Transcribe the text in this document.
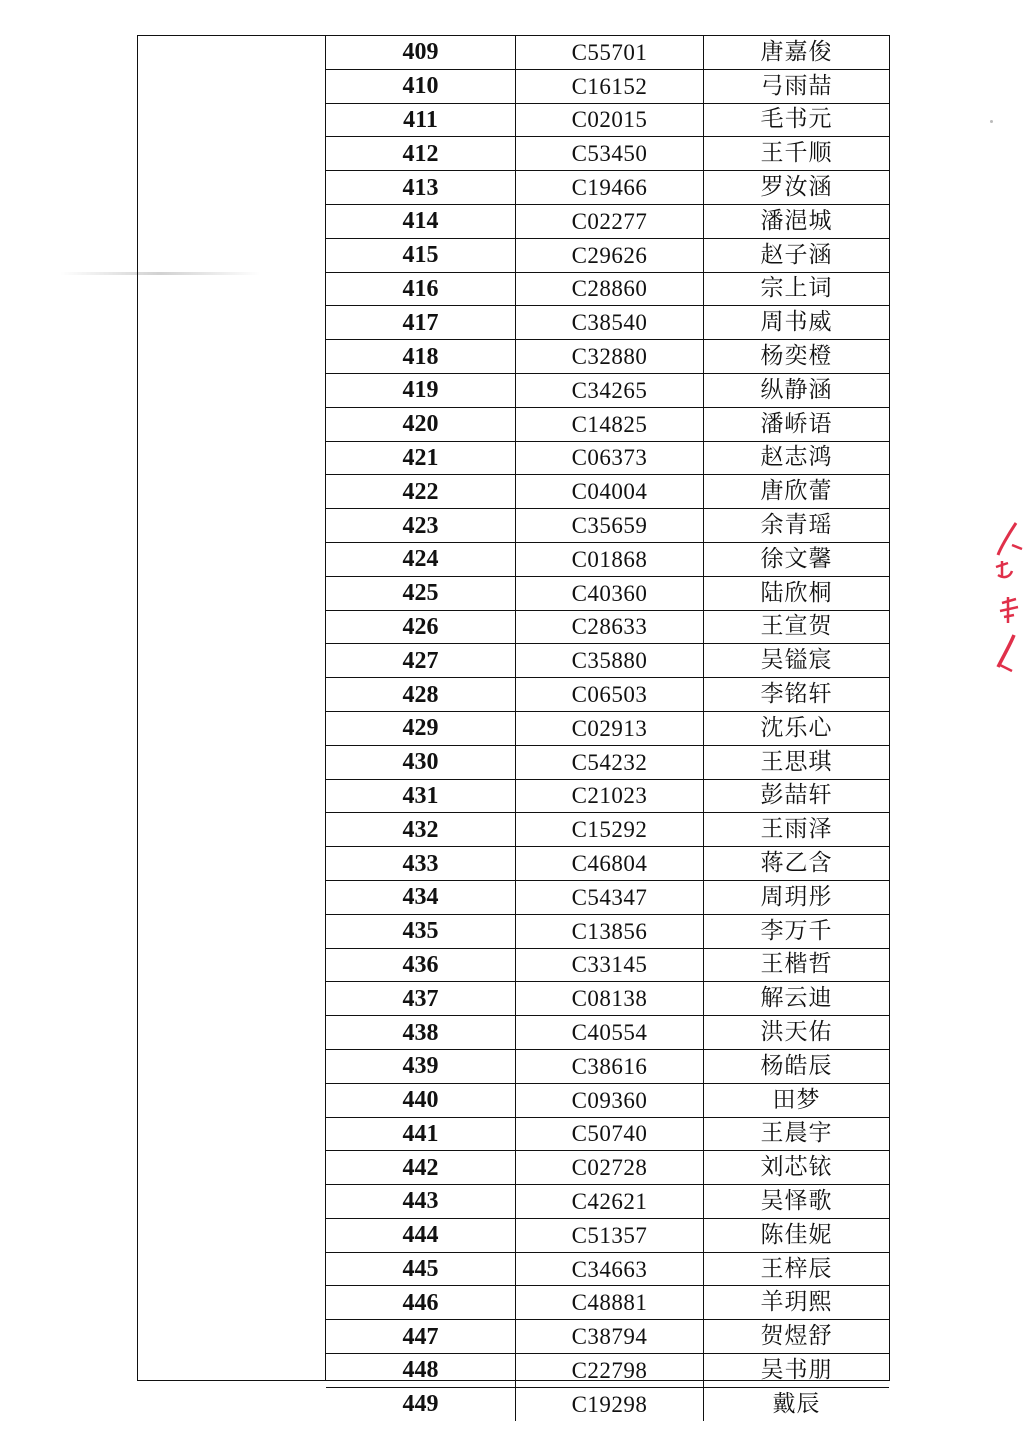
409	C55701	唐嘉俊
410	C16152	弓雨喆
411	C02015	毛书元
412	C53450	王千顺
413	C19466	罗汝涵
414	C02277	潘浥城
415	C29626	赵子涵
416	C28860	宗上词
417	C38540	周书威
418	C32880	杨奕橙
419	C34265	纵静涵
420	C14825	潘峤语
421	C06373	赵志鸿
422	C04004	唐欣蕾
423	C35659	余青瑶
424	C01868	徐文馨
425	C40360	陆欣桐
426	C28633	王宣贺
427	C35880	吴镒宸
428	C06503	李铭轩
429	C02913	沈乐心
430	C54232	王思琪
431	C21023	彭喆轩
432	C15292	王雨泽
433	C46804	蒋乙含
434	C54347	周玥彤
435	C13856	李万千
436	C33145	王楷哲
437	C08138	解云迪
438	C40554	洪天佑
439	C38616	杨皓辰
440	C09360	田梦
441	C50740	王晨宇
442	C02728	刘芯铱
443	C42621	吴怿歌
444	C51357	陈佳妮
445	C34663	王梓辰
446	C48881	羊玥熙
447	C38794	贺煜舒
448	C22798	吴书朋
449	C19298	戴辰
